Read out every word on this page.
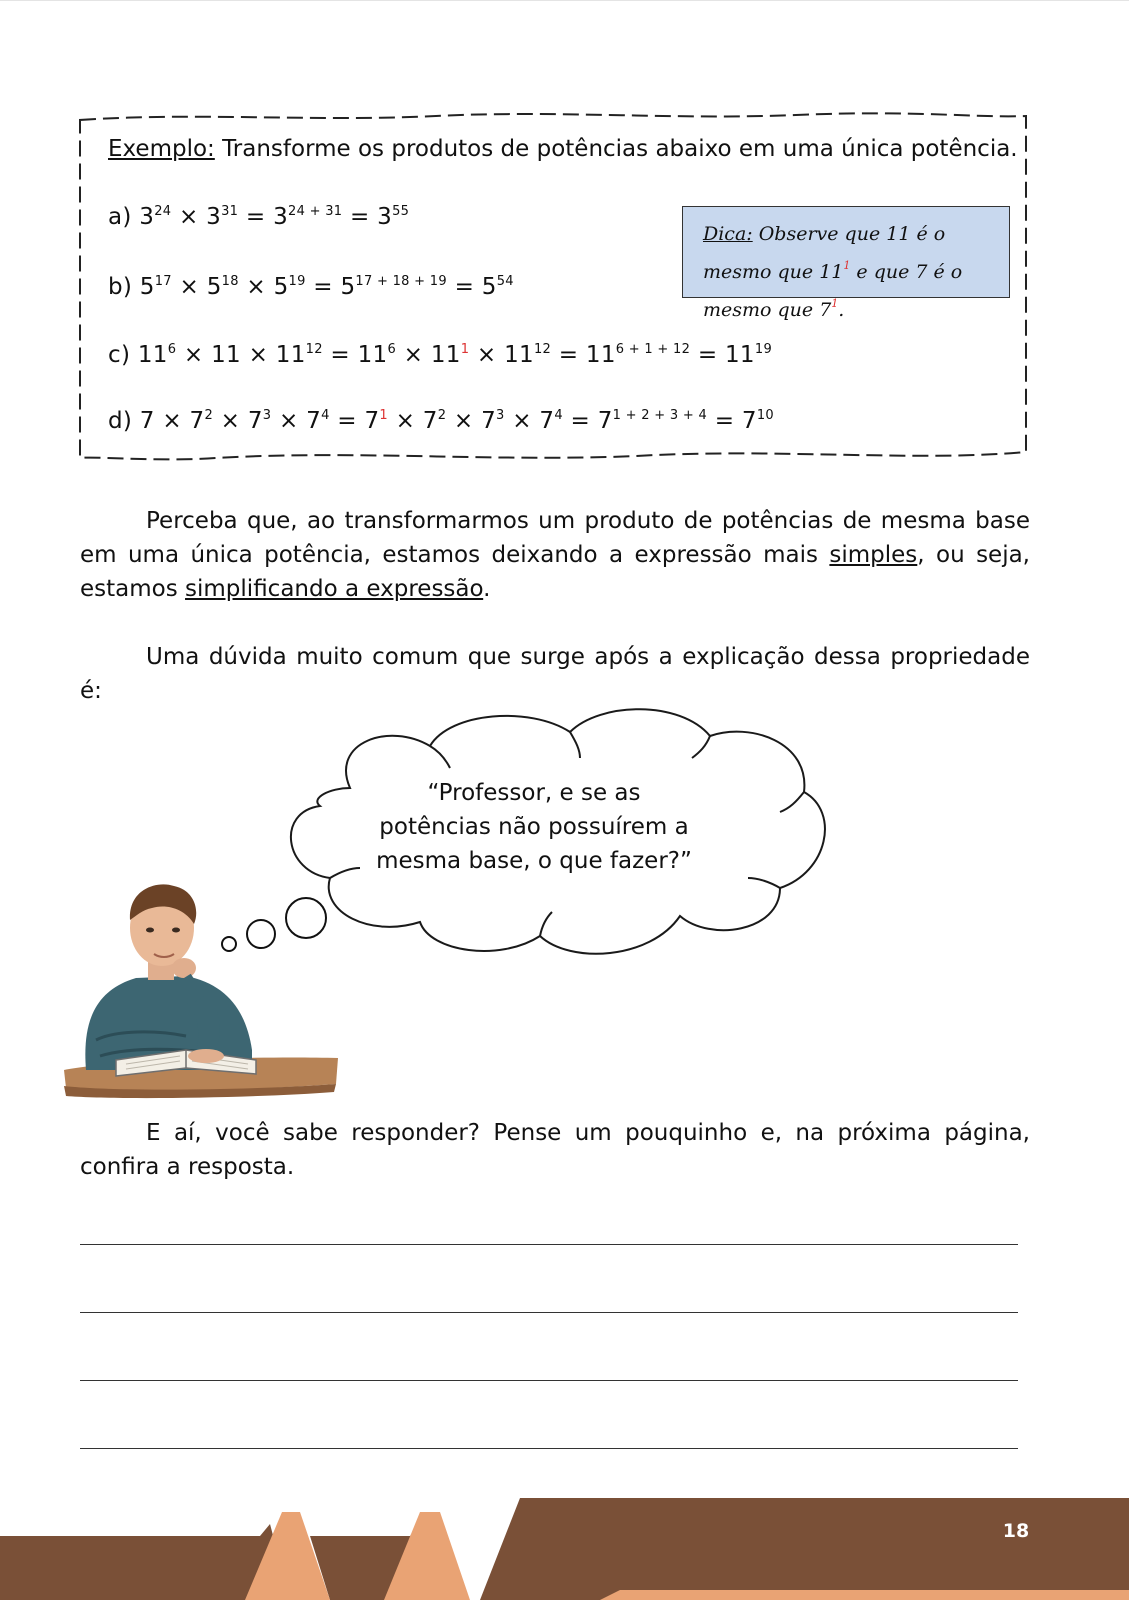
Exemplo: Transforme os produtos de potências abaixo em uma única potência.
a) $3^{24} \times 3^{31} = 3^{24 + 31} = 3^{55}$
b) $5^{17} \times 5^{18} \times 5^{19} = 5^{17 + 18 + 19} = 5^{54}$
c) $11^6 \times 11 \times 11^{12} = 11^6 \times 11^1 \times 11^{12} = 11^{6 + 1 + 12} = 11^{19}$
d) $7 \times 7^2 \times 7^3 \times 7^4 = 7^1 \times 7^2 \times 7^3 \times 7^4 = 7^{1 + 2 + 3 + 4} = 7^{10}$
Dica: Observe que 11 é o mesmo que $11^1$ e que 7 é o mesmo que $7^1$.

Perceba que, ao transformarmos um produto de potências de mesma base em uma única potência, estamos deixando a expressão mais simples, ou seja, estamos simplificando a expressão.

Uma dúvida muito comum que surge após a explicação dessa propriedade é:

“Professor, e se as potências não possuírem a mesma base, o que fazer?”

E aí, você sabe responder? Pense um pouquinho e, na próxima página, confira a resposta.

18
